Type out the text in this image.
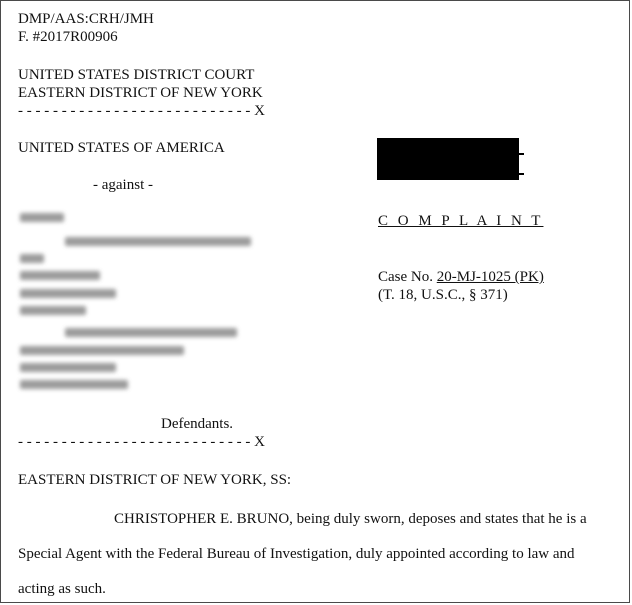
DMP/AAS:CRH/JMH
F. #2017R00906
UNITED STATES DISTRICT COURT
EASTERN DISTRICT OF NEW YORK
- - - - - - - - - - - - - - - - - - - - - - - - - - - X
UNITED STATES OF AMERICA
- against -
C O M P L A I N T
Case No. 20-MJ-1025 (PK)
(T. 18, U.S.C., § 371)
Defendants.
- - - - - - - - - - - - - - - - - - - - - - - - - - - X
EASTERN DISTRICT OF NEW YORK, SS:
CHRISTOPHER E. BRUNO, being duly sworn, deposes and states that he is a
Special Agent with the Federal Bureau of Investigation, duly appointed according to law and
acting as such.
